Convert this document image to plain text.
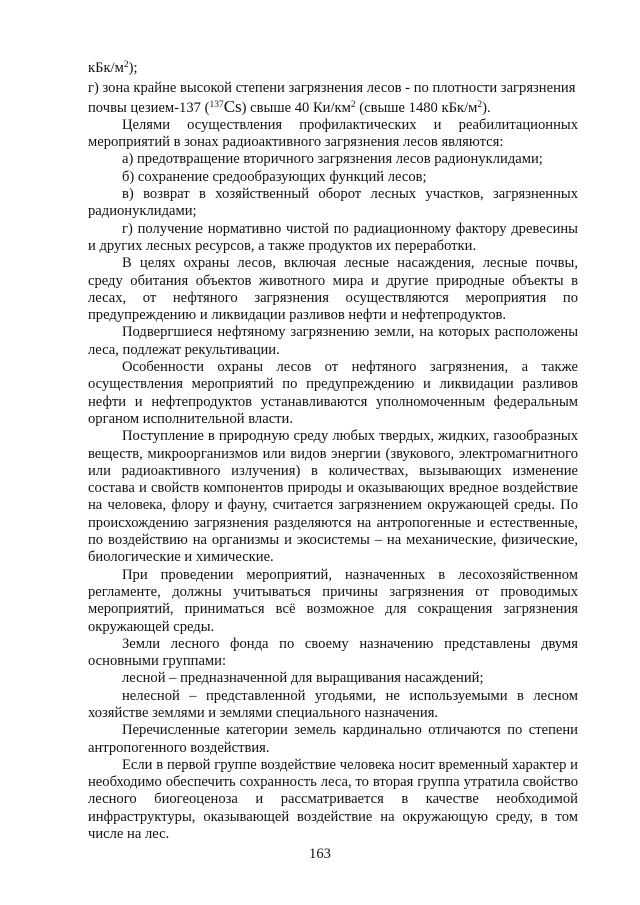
кБк/$м^2$);
г) зона крайне высокой степени загрязнения лесов - по плотности загрязнения
почвы цезием-137 ($^{137}$Cs) свыше 40 $Ки/км^2$ (свыше 1480 кБк/$м^2$).

Целями осуществления профилактических и реабилитационных мероприятий в зонах радиоактивного загрязнения лесов являются:

а) предотвращение вторичного загрязнения лесов радионуклидами;

б) сохранение средообразующих функций лесов;

в) возврат в хозяйственный оборот лесных участков, загрязненных радионуклидами;

г) получение нормативно чистой по радиационному фактору древесины и других лесных ресурсов, а также продуктов их переработки.

В целях охраны лесов, включая лесные насаждения, лесные почвы, среду обитания объектов животного мира и другие природные объекты в лесах, от нефтяного загрязнения осуществляются мероприятия по предупреждению и ликвидации разливов нефти и нефтепродуктов.

Подвергшиеся нефтяному загрязнению земли, на которых расположены леса, подлежат рекультивации.

Особенности охраны лесов от нефтяного загрязнения, а также осуществления мероприятий по предупреждению и ликвидации разливов нефти и нефтепродуктов устанавливаются уполномоченным федеральным органом исполнительной власти.

Поступление в природную среду любых твердых, жидких, газообразных веществ, микроорганизмов или видов энергии (звукового, электромагнитного или радиоактивного излучения) в количествах, вызывающих изменение состава и свойств компонентов природы и оказывающих вредное воздействие на человека, флору и фауну, считается загрязнением окружающей среды. По происхождению загрязнения разделяются на антропогенные и естественные, по воздействию на организмы и экосистемы – на механические, физические, биологические и химические.

При проведении мероприятий, назначенных в лесохозяйственном регламенте, должны учитываться причины загрязнения от проводимых мероприятий, приниматься всё возможное для сокращения загрязнения окружающей среды.

Земли лесного фонда по своему назначению представлены двумя основными группами:

лесной – предназначенной для выращивания насаждений;

нелесной – представленной угодьями, не используемыми в лесном хозяйстве землями и землями специального назначения.

Перечисленные категории земель кардинально отличаются по степени антропогенного воздействия.

Если в первой группе воздействие человека носит временный характер и необходимо обеспечить сохранность леса, то вторая группа утратила свойство лесного биогеоценоза и рассматривается в качестве необходимой инфраструктуры, оказывающей воздействие на окружающую среду, в том числе на лес.

163
